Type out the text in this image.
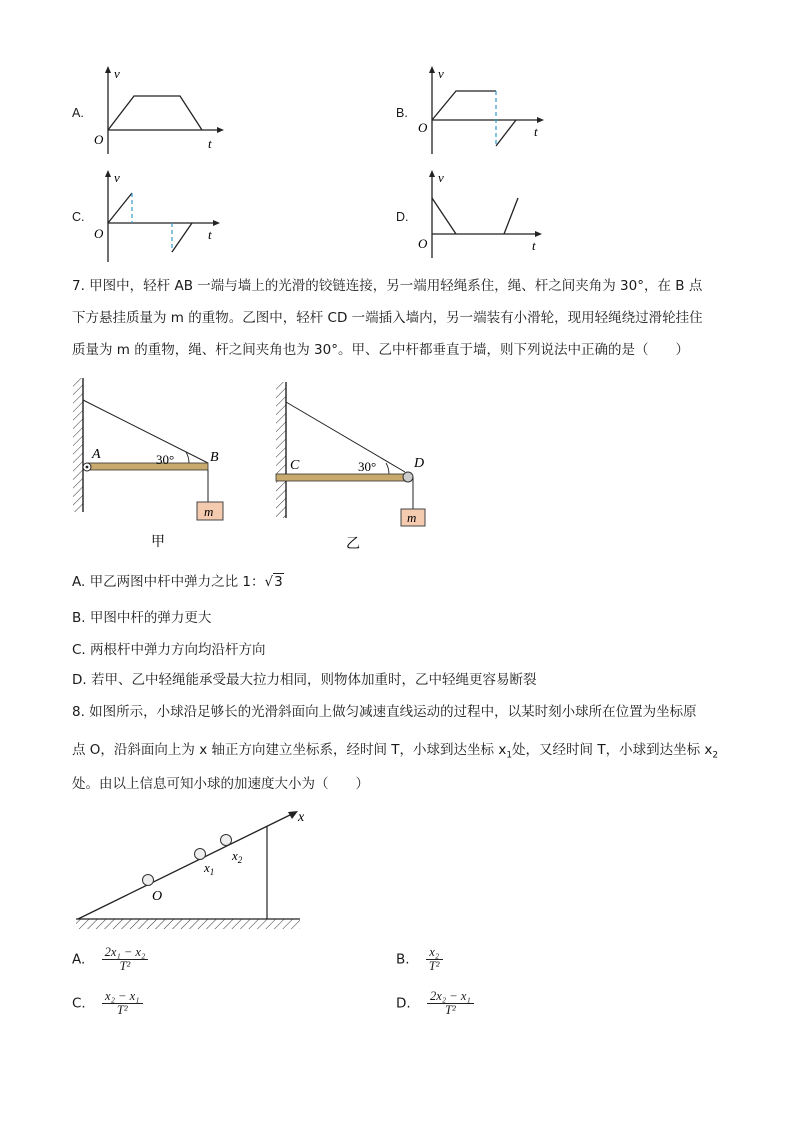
A.
v
t
O
B.
v
t
O
C.
v
t
O
D.
v
t
O
7. 甲图中，轻杆 AB 一端与墙上的光滑的铰链连接，另一端用轻绳系住，绳、杆之间夹角为 30°，在 B 点
下方悬挂质量为 m 的重物。乙图中，轻杆 CD 一端插入墙内，另一端装有小滑轮，现用轻绳绕过滑轮挂住
质量为 m 的重物，绳、杆之间夹角也为 30°。甲、乙中杆都垂直于墙，则下列说法中正确的是（　　）
m
A	B
30°
甲
m
C	D
30°
乙
A. 甲乙两图中杆中弹力之比 1：√3
B. 甲图中杆的弹力更大
C. 两根杆中弹力方向均沿杆方向
D. 若甲、乙中轻绳能承受最大拉力相同，则物体加重时，乙中轻绳更容易断裂
8. 如图所示，小球沿足够长的光滑斜面向上做匀减速直线运动的过程中，以某时刻小球所在位置为坐标原
点 O，沿斜面向上为 x 轴正方向建立坐标系，经时间 T，小球到达坐标 $x_1$处，又经时间 T，小球到达坐标 $x_2$
处。由以上信息可知小球的加速度大小为（　　）
x
O
$x_1$
$x_2$
A. $\frac{\text{2x₁ − x₂}}{\text{T²}}$	B. $\frac{\text{x₂}}{\text{T²}}$
C. $\frac{\text{x₂ − x₁}}{\text{T²}}$	D. $\frac{\text{2x₂ − x₁}}{\text{T²}}$
